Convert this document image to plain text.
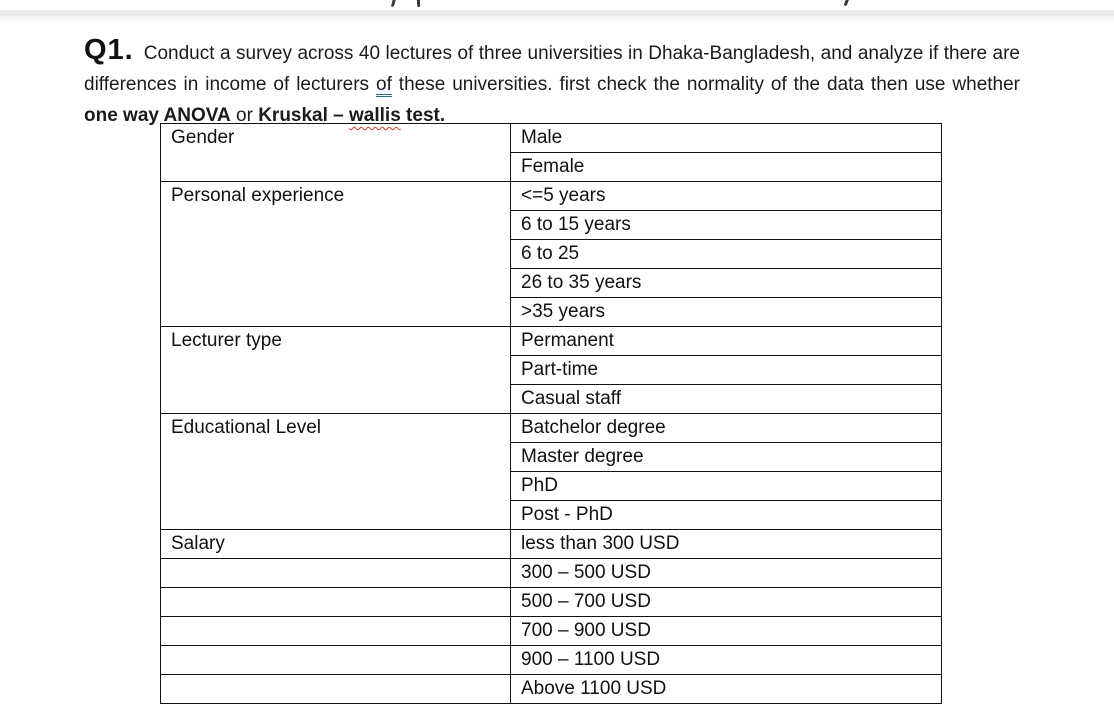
Q1. Conduct a survey across 40 lectures of three universities in Dhaka-Bangladesh, and analyze if there are differences in income of lecturers of these universities. first check the normality of the data then use whether one way ANOVA or Kruskal – wallis test.

Gender	Male
	Female
Personal experience	<=5 years
	6 to 15 years
	6 to 25
	26 to 35 years
	>35 years
Lecturer type	Permanent
	Part-time
	Casual staff
Educational Level	Batchelor degree
	Master degree
	PhD
	Post - PhD
Salary	less than 300 USD
	300 – 500 USD
	500 – 700 USD
	700 – 900 USD
	900 – 1100 USD
	Above 1100 USD
